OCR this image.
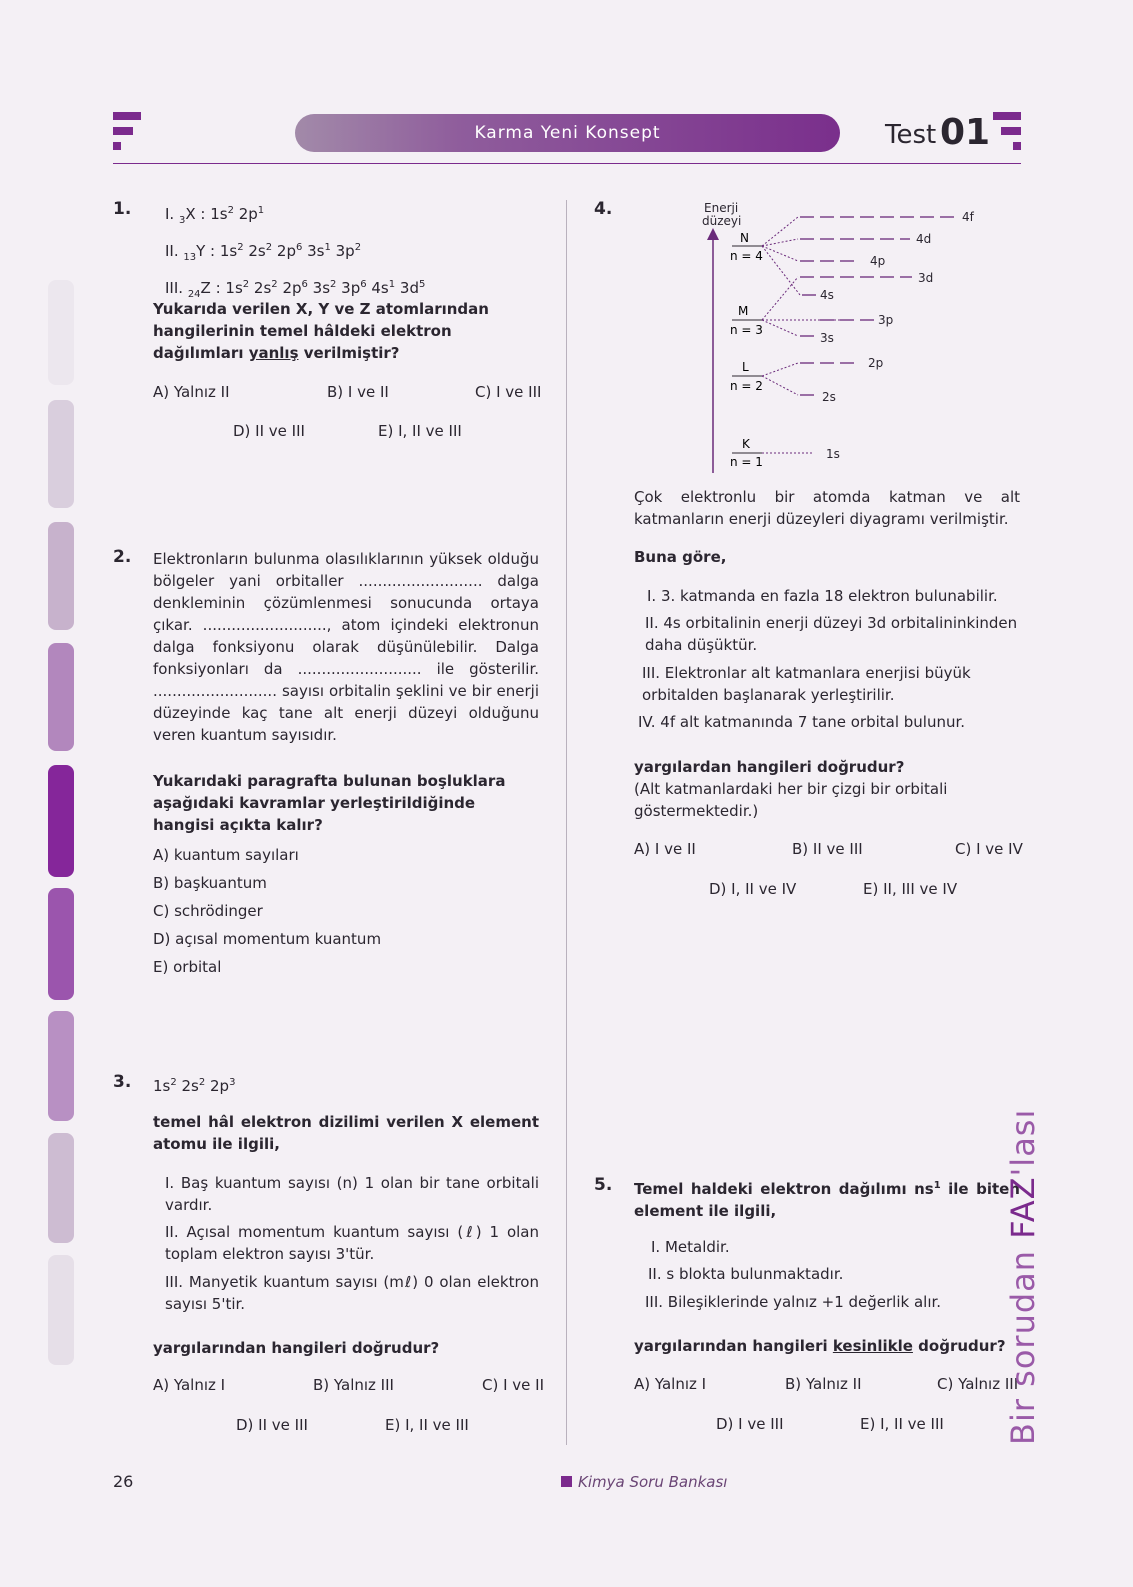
Karma Yeni Konsept	Test 01
1. I. $_3$X : $1s^2$ $2p^1$
II. $_{13}$Y : $1s^2$ $2s^2$ $2p^6$ $3s^1$ $3p^2$
III. $_{24}$Z : $1s^2$ $2s^2$ $2p^6$ $3s^2$ $3p^6$ $4s^1$ $3d^5$
Yukarıda verilen X, Y ve Z atomlarından hangilerinin temel hâldeki elektron dağılımları yanlış verilmiştir?
A) Yalnız II	B) I ve II	C) I ve III
D) II ve III	E) I, II ve III
2. Elektronların bulunma olasılıklarının yüksek olduğu bölgeler yani orbitaller .......................... dalga denkleminin çözümlenmesi sonucunda ortaya çıkar. .........................., atom içindeki elektronun dalga fonksiyonu olarak düşünülebilir. Dalga fonksiyonları da .......................... ile gösterilir. .......................... sayısı orbitalin şeklini ve bir enerji düzeyinde kaç tane alt enerji düzeyi olduğunu veren kuantum sayısıdır.
Yukarıdaki paragrafta bulunan boşluklara aşağıdaki kavramlar yerleştirildiğinde hangisi açıkta kalır?
A) kuantum sayıları
B) başkuantum
C) schrödinger
D) açısal momentum kuantum
E) orbital
3. $1s^2$ $2s^2$ $2p^3$
temel hâl elektron dizilimi verilen X element atomu ile ilgili,
I. Baş kuantum sayısı (n) 1 olan bir tane orbitali vardır.
II. Açısal momentum kuantum sayısı (ℓ) 1 olan toplam elektron sayısı 3'tür.
III. Manyetik kuantum sayısı (mℓ) 0 olan elektron sayısı 5'tir.
yargılarından hangileri doğrudur?
A) Yalnız I	B) Yalnız III	C) I ve II
D) II ve III	E) I, II ve III
4.	Enerji
düzeyi
N
n = 4
M
n = 3
L
n = 2
K
n = 1
4f
4d
4p
3d
4s
3p
3s
2p
2s
1s
Çok elektronlu bir atomda katman ve alt katmanların enerji düzeyleri diyagramı verilmiştir.
Buna göre,
I. 3. katmanda en fazla 18 elektron bulunabilir.
II. 4s orbitalinin enerji düzeyi 3d orbitalininkinden daha düşüktür.
III. Elektronlar alt katmanlara enerjisi büyük orbitalden başlanarak yerleştirilir.
IV. 4f alt katmanında 7 tane orbital bulunur.
yargılardan hangileri doğrudur?
(Alt katmanlardaki her bir çizgi bir orbitali göstermektedir.)
A) I ve II	B) II ve III	C) I ve IV
D) I, II ve IV	E) II, III ve IV
5. Temel haldeki elektron dağılımı $ns^1$ ile biten element ile ilgili,
I. Metaldir.
II. s blokta bulunmaktadır.
III. Bileşiklerinde yalnız +1 değerlik alır.
yargılarından hangileri kesinlikle doğrudur?
A) Yalnız I	B) Yalnız II	C) Yalnız III
D) I ve III	E) I, II ve III Bir sorudan FAZ'lası
26	Kimya Soru Bankası
